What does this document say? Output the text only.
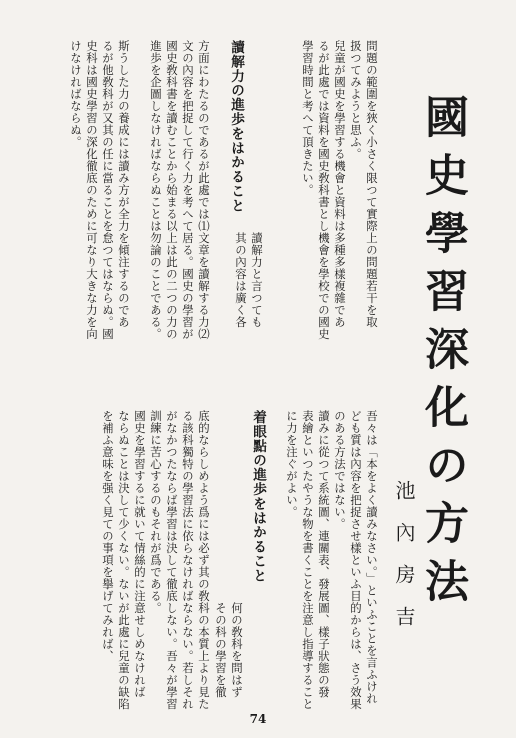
國史學習深化の方法
池內房吉
吾々は「本をよく讀みなさい。」といふことを言ふけれ
ども質は內容を把捉させ樣といふ目的からは、さう效果
のある方法ではない。
讀みに從つて系統圖、連關表、發展圖、樣子狀態の發
表繪といつたやうな物を書くことを注意し指導すること
に力を注ぐがよい。
着眼點の進歩をはかること
何の敎科を問はず
その科の學習を徹
底的ならしめよう爲には必ず其の敎科の本質上より見た
る該科獨特の學習法に依らなければならない。若しそれ
がなかつたならば學習は決して徹底しない。吾々が學習
訓練に苦心するのもそれが爲である。
國史を學習するに就いて情絲的に注意せしめなければ
ならぬことは決して少くない。ないが此處に兒童の缺陷
を補ふ意味を强く見ての事項を擧げてみれば、
問題の範圍を狹く小さく限つて實際上の問題若干を取
扱つてみようと思ふ。
兒童が國史を學習する機會と資料は多種多樣複雜であ
るが此處では資料を國史敎科書とし機會を學校での國史
學習時間と考へて頂きたい。
讀解力の進歩をはかること
讀解力と言つても
其の內容は廣く各
方面にわたるのであるが此處では⑴文章を讀解する力⑵
文の內容を把捉して行く力を考へて居る。國史の學習が
國史敎科書を讀むことから始まる以上は此の二つの力の
進歩を企圖しなければならぬことは勿論のことである。
斯うした力の養成には讀み方が全力を傾注するのであ
るが他敎科が又其の任に當ることを怠つてはならぬ。國
史科は國史學習の深化徹底のために可なり大きな力を向
けなければならぬ。
74
